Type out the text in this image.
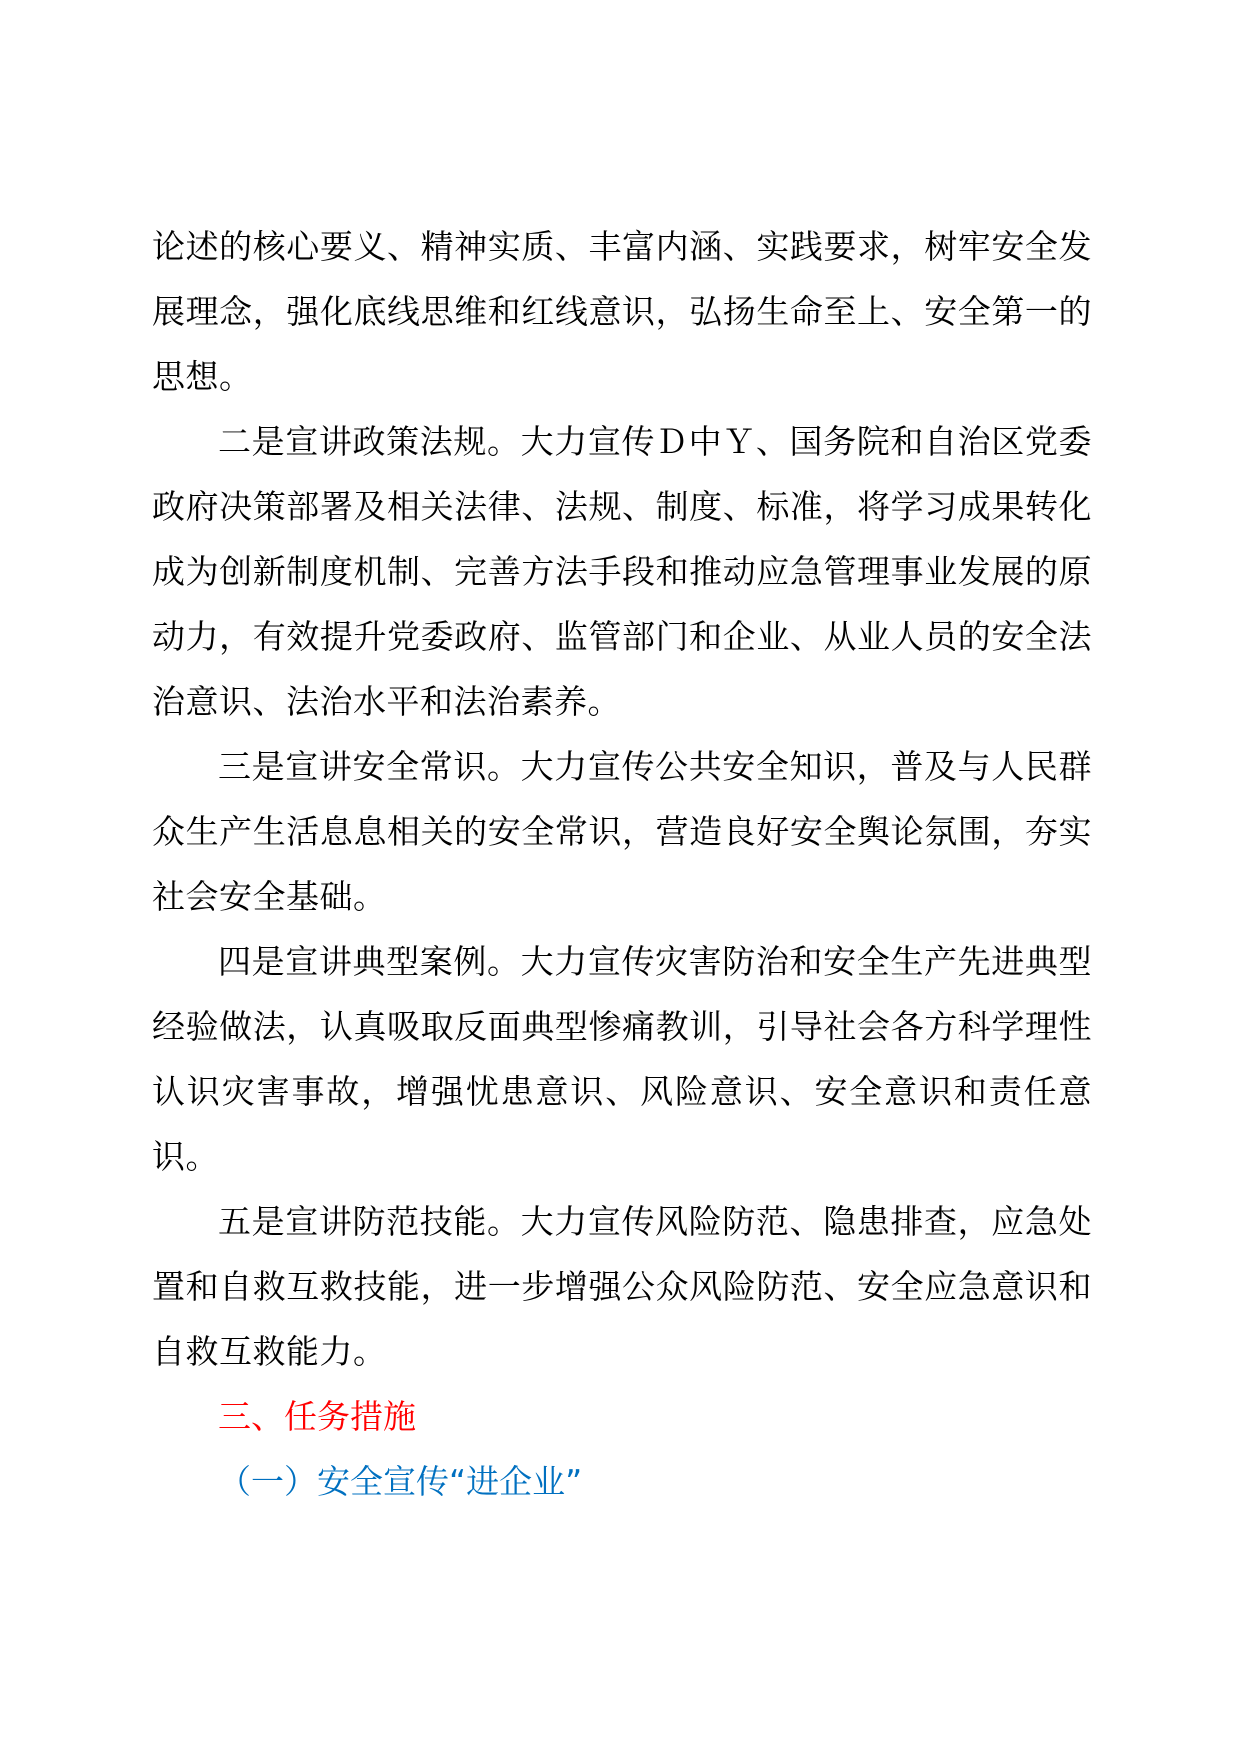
论述的核心要义、精神实质、丰富内涵、实践要求，树牢安全发展理念，强化底线思维和红线意识，弘扬生命至上、安全第一的思想。

二是宣讲政策法规。大力宣传Ｄ中Ｙ、国务院和自治区党委政府决策部署及相关法律、法规、制度、标准，将学习成果转化成为创新制度机制、完善方法手段和推动应急管理事业发展的原动力，有效提升党委政府、监管部门和企业、从业人员的安全法治意识、法治水平和法治素养。

三是宣讲安全常识。大力宣传公共安全知识，普及与人民群众生产生活息息相关的安全常识，营造良好安全舆论氛围，夯实社会安全基础。

四是宣讲典型案例。大力宣传灾害防治和安全生产先进典型经验做法，认真吸取反面典型惨痛教训，引导社会各方科学理性认识灾害事故，增强忧患意识、风险意识、安全意识和责任意识。

五是宣讲防范技能。大力宣传风险防范、隐患排查，应急处置和自救互救技能，进一步增强公众风险防范、安全应急意识和自救互救能力。

三、任务措施

（一）安全宣传“进企业”
